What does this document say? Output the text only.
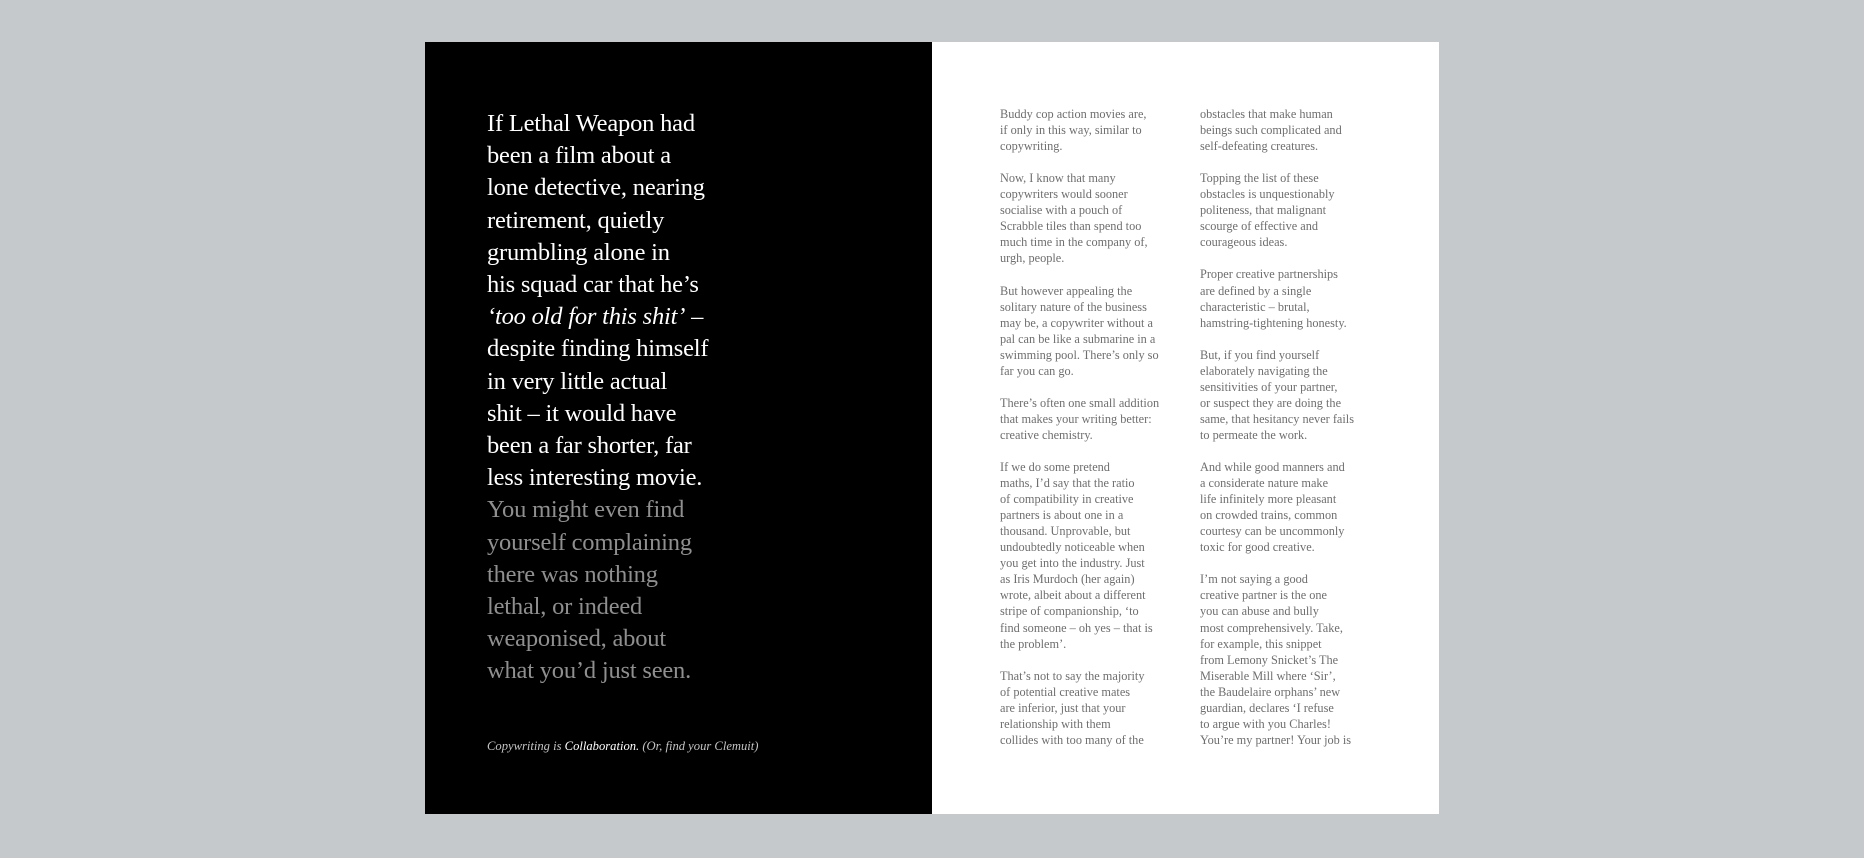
If Lethal Weapon had
been a film about a
lone detective, nearing
retirement, quietly
grumbling alone in
his squad car that he’s
‘too old for this shit’ –
despite finding himself
in very little actual
shit – it would have
been a far shorter, far
less interesting movie.
You might even find
yourself complaining
there was nothing
lethal, or indeed
weaponised, about
what you’d just seen.

Copywriting is Collaboration. (Or, find your Clemuit)

Buddy cop action movies are,
if only in this way, similar to
copywriting.

Now, I know that many
copywriters would sooner
socialise with a pouch of
Scrabble tiles than spend too
much time in the company of,
urgh, people.

But however appealing the
solitary nature of the business
may be, a copywriter without a
pal can be like a submarine in a
swimming pool. There’s only so
far you can go.

There’s often one small addition
that makes your writing better:
creative chemistry.

If we do some pretend
maths, I’d say that the ratio
of compatibility in creative
partners is about one in a
thousand. Unprovable, but
undoubtedly noticeable when
you get into the industry. Just
as Iris Murdoch (her again)
wrote, albeit about a different
stripe of companionship, ‘to
find someone – oh yes – that is
the problem’.

That’s not to say the majority
of potential creative mates
are inferior, just that your
relationship with them
collides with too many of the

obstacles that make human
beings such complicated and
self-defeating creatures.

Topping the list of these
obstacles is unquestionably
politeness, that malignant
scourge of effective and
courageous ideas.

Proper creative partnerships
are defined by a single
characteristic – brutal,
hamstring-tightening honesty.

But, if you find yourself
elaborately navigating the
sensitivities of your partner,
or suspect they are doing the
same, that hesitancy never fails
to permeate the work.

And while good manners and
a considerate nature make
life infinitely more pleasant
on crowded trains, common
courtesy can be uncommonly
toxic for good creative.

I’m not saying a good
creative partner is the one
you can abuse and bully
most comprehensively. Take,
for example, this snippet
from Lemony Snicket’s The
Miserable Mill where ‘Sir’,
the Baudelaire orphans’ new
guardian, declares ‘I refuse
to argue with you Charles!
You’re my partner! Your job is
